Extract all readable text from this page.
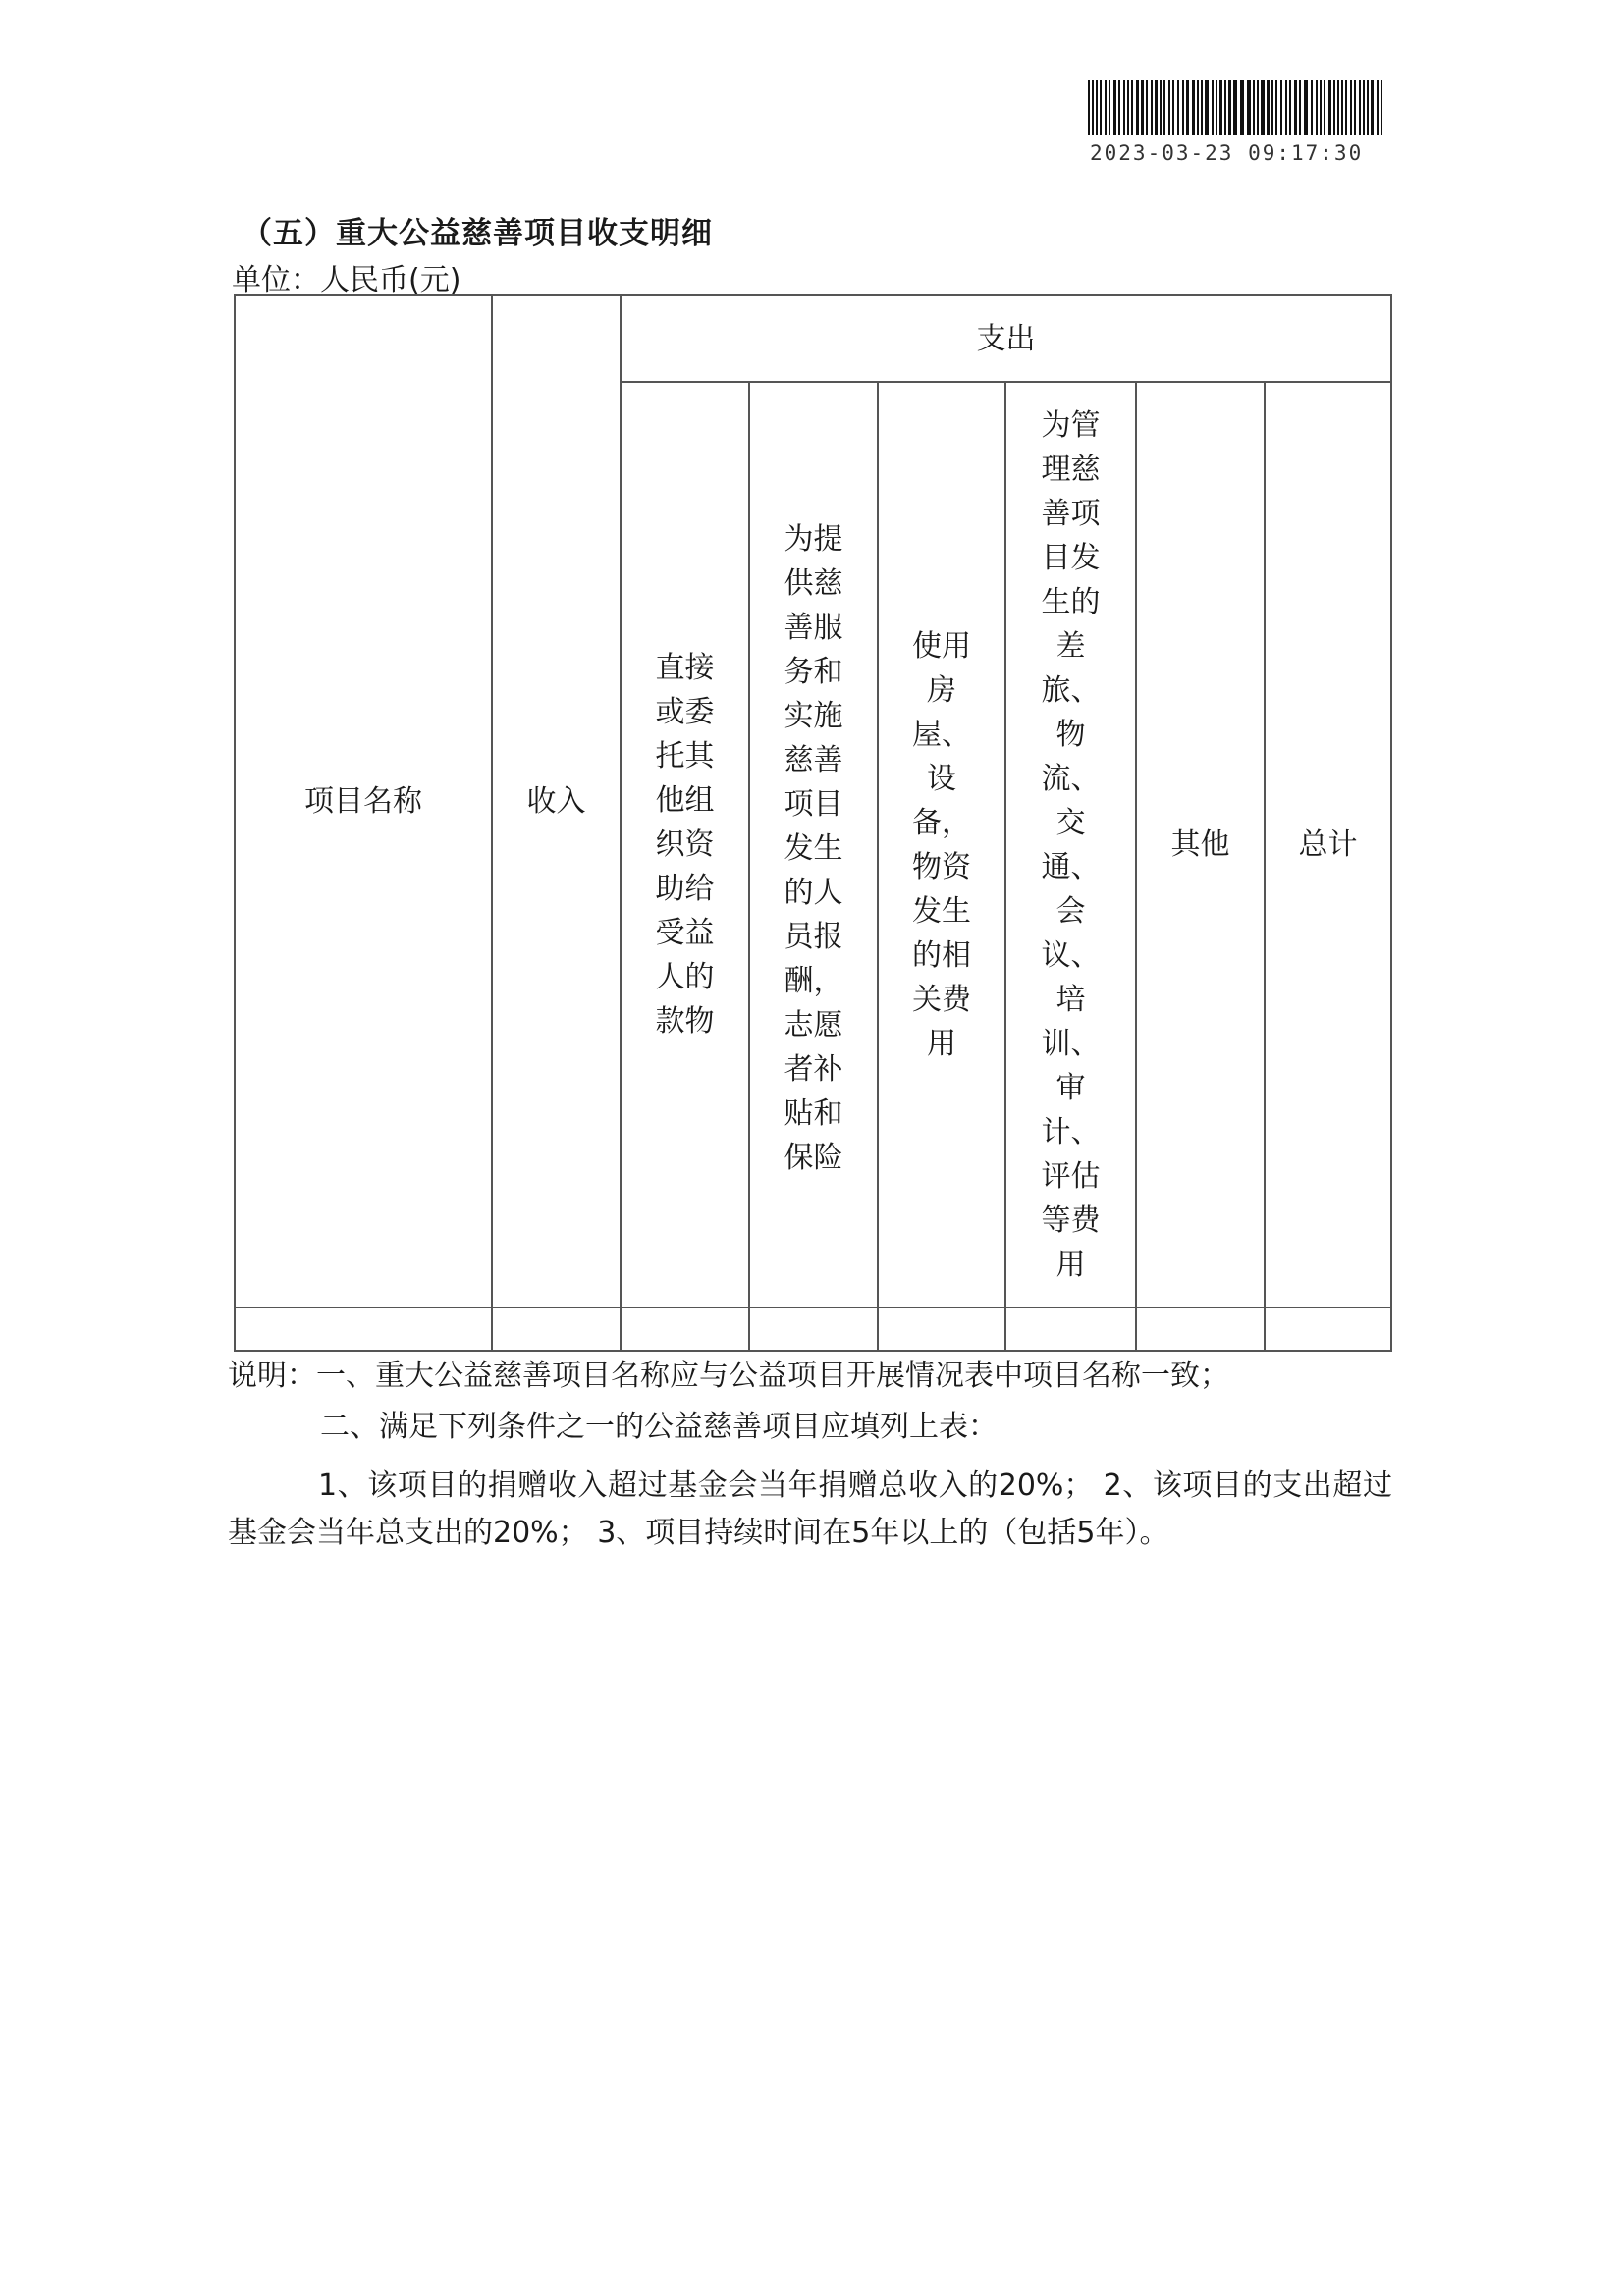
2023-03-23 09:17:30
（五）重大公益慈善项目收支明细
单位：人民币(元)
项目名称	收入	支出					

		直接或委托其他组织资助给受益人的款物	为提供慈善服务和实施慈善项目发生的人员报酬，志愿者补贴和保险	使用房屋、设备，物资发生的相关费用	为管理慈善项目发生的差旅、物流、交通、会议、培训、审计、评估等费用	其他	总计

说明：一、重大公益慈善项目名称应与公益项目开展情况表中项目名称一致；
二、满足下列条件之一的公益慈善项目应填列上表：
1、该项目的捐赠收入超过基金会当年捐赠总收入的20%； 2、该项目的支出超过基金会当年总支出的20%； 3、项目持续时间在5年以上的（包括5年）。
